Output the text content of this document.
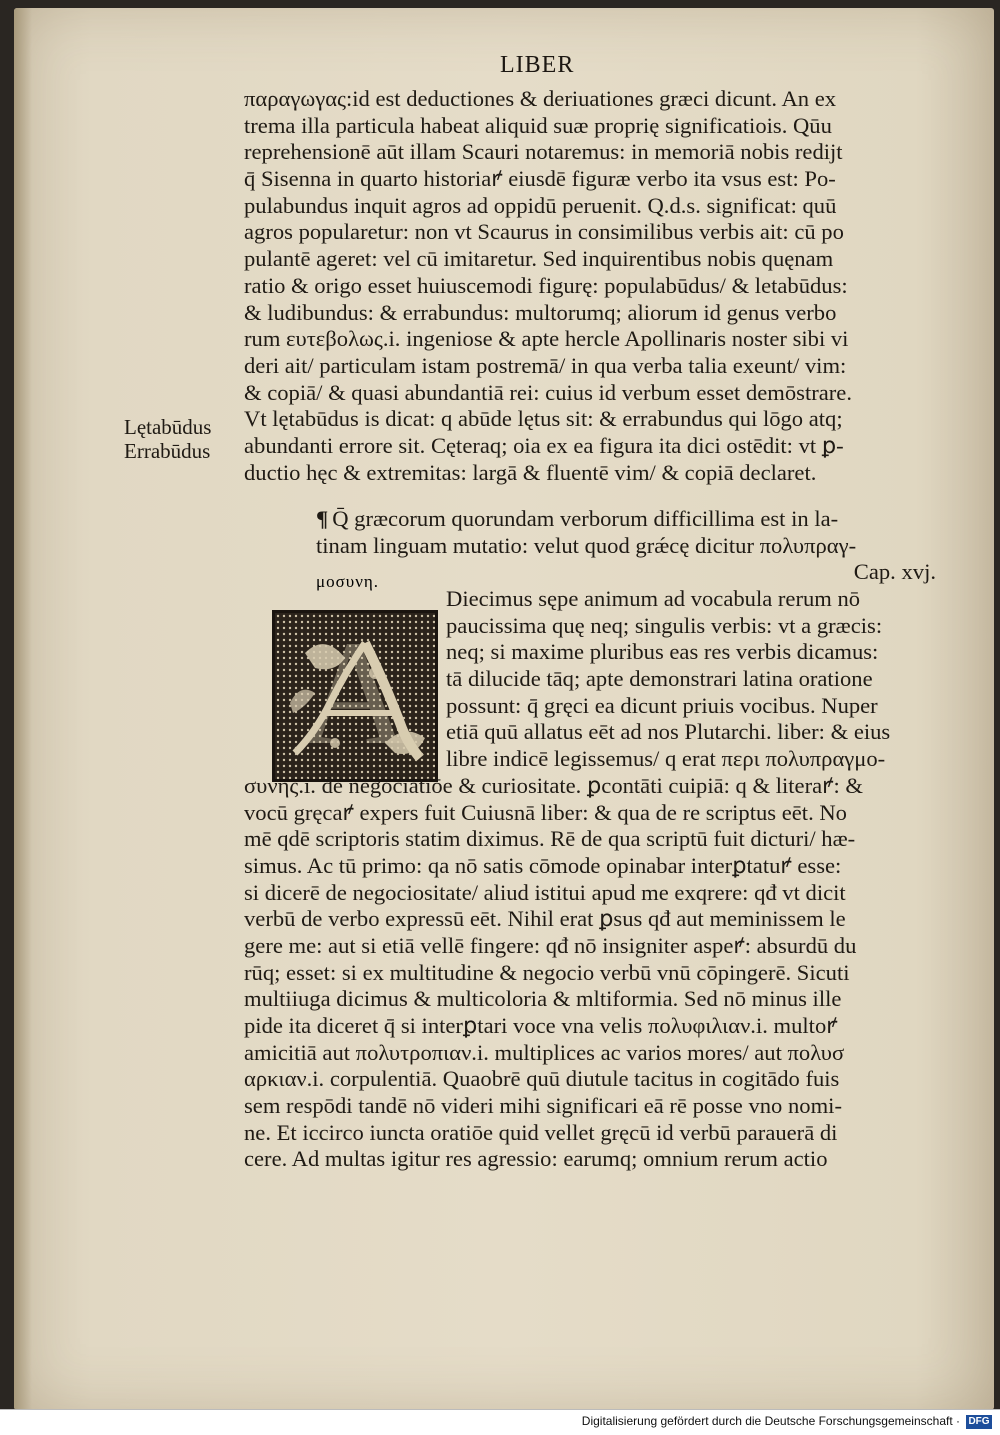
LIBER
παραγωγας:id est deductiones & deriuationes græci dicunt. An ex
trema illa particula habeat aliquid suæ proprię significatiois. Qūu
reprehensionē aūt illam Scauri notaremus: in memoriā nobis redijt
q̄ Sisenna in quarto historiaꝵ eiusdē figuræ verbo ita vsus est: Po-
pulabundus inquit agros ad oppidū peruenit. Q.d.s. significat: quū
agros popularetur: non vt Scaurus in consimilibus verbis ait: cū po
pulantē ageret: vel cū imitaretur. Sed inquirentibus nobis quęnam
ratio & origo esset huiuscemodi figurę: populabūdus/ & letabūdus:
& ludibundus: & errabundus: multorumq; aliorum id genus verbo
rum ευτεβολως.i. ingeniose & apte hercle Apollinaris noster sibi vi
deri ait/ particulam istam postremā/ in qua verba talia exeunt/ vim:
& copiā/ & quasi abundantiā rei: cuius id verbum esset demōstrare.
Vt lętabūdus is dicat: q abūde lętus sit: & errabundus qui lōgo atq;
abundanti errore sit. Cęteraq; oia ex ea figura ita dici ostēdit: vt ꝑ-
ductio hęc & extremitas: largā & fluentē vim/ & copiā declaret.
Lętabūdus
Errabūdus
¶ Q̄ græcorum quorundam verborum difficillima est in la-
tinam linguam mutatio: velut quod grǽcę dicitur πολυπραγ-
Cap. xvj.
μοσυνη.
A
Diecimus sępe animum ad vocabula rerum nō
paucissima quę neq; singulis verbis: vt a græcis:
neq; si maxime pluribus eas res verbis dicamus:
tā dilucide tāq; apte demonstrari latina oratione
possunt: q̄ gręci ea dicunt priuis vocibus. Nuper
etiā quū allatus eēt ad nos Plutarchi. liber: & eius
libre indicē legissemus/ q erat περι πολυπραγμο-
συνης.i. de negociatiōe & curiositate. ꝑcontāti cuipiā: q & literaꝵ: &
vocū gręcaꝵ expers fuit Cuiusnā liber: & qua de re scriptus eēt. No
mē qdē scriptoris statim diximus. Rē de qua scriptū fuit dicturi/ hæ-
simus. Ac tū primo: qa nō satis cōmode opinabar interꝑtatuꝵ esse:
si dicerē de negociositate/ aliud istitui apud me exqrere: qđ vt dicit
verbū de verbo expressū eēt. Nihil erat ꝑsus qđ aut meminissem le
gere me: aut si etiā vellē fingere: qđ nō insigniter aspeꝵ: absurdū du
rūq; esset: si ex multitudine & negocio verbū vnū cōpingerē. Sicuti
multiiuga dicimus & multicoloria & mltiformia. Sed nō minus ille
pide ita diceret q̄ si interꝑtari voce vna velis πολυφιλιαν.i. multoꝵ
amicitiā aut πολυτροπιαν.i. multiplices ac varios mores/ aut πολυσ
αρκιαν.i. corpulentiā. Quaobrē quū diutule tacitus in cogitādo fuis
sem respōdi tandē nō videri mihi significari eā rē posse vno nomi-
ne. Et iccirco iuncta oratiōe quid vellet gręcū id verbū parauerā di
cere. Ad multas igitur res agressio: earumq; omnium rerum actio
Digitalisierung gefördert durch die Deutsche Forschungsgemeinschaft · DFG
